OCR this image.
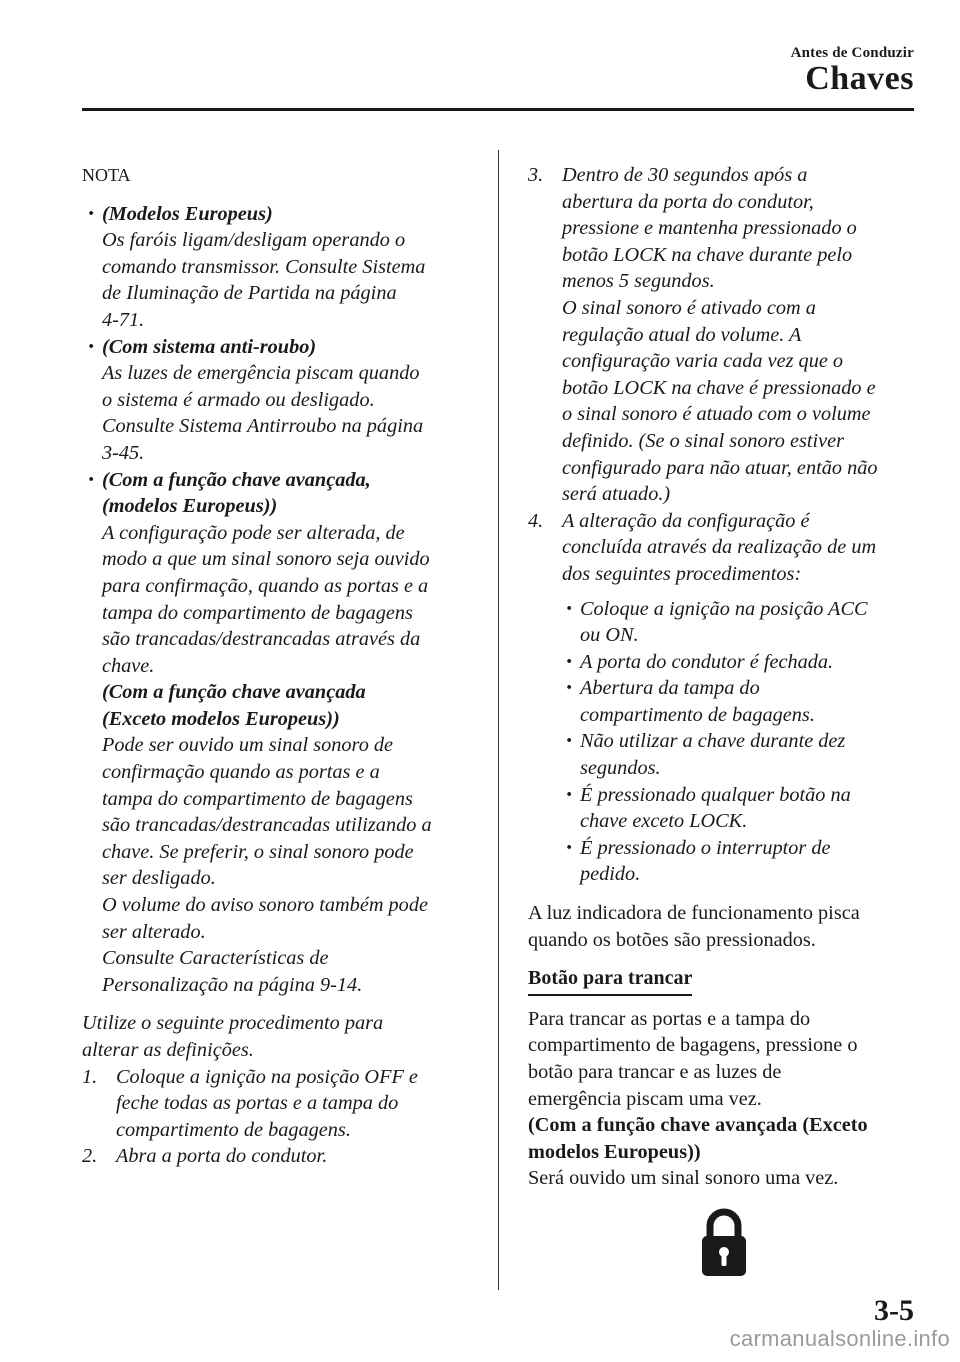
Antes de Conduzir
Chaves
NOTA
· (Modelos Europeus)
Os faróis ligam/desligam operando o
comando transmissor. Consulte Sistema
de Iluminação de Partida na página
4-71.
· (Com sistema anti-roubo)
As luzes de emergência piscam quando
o sistema é armado ou desligado.
Consulte Sistema Antirroubo na página
3-45.
· (Com a função chave avançada,
(modelos Europeus))
A configuração pode ser alterada, de
modo a que um sinal sonoro seja ouvido
para confirmação, quando as portas e a
tampa do compartimento de bagagens
são trancadas/destrancadas através da
chave.
(Com a função chave avançada
(Exceto modelos Europeus))
Pode ser ouvido um sinal sonoro de
confirmação quando as portas e a
tampa do compartimento de bagagens
são trancadas/destrancadas utilizando a
chave. Se preferir, o sinal sonoro pode
ser desligado.
O volume do aviso sonoro também pode
ser alterado.
Consulte Características de
Personalização na página 9-14.
Utilize o seguinte procedimento para
alterar as definições.
1. Coloque a ignição na posição OFF e
feche todas as portas e a tampa do
compartimento de bagagens.
2. Abra a porta do condutor.
3. Dentro de 30 segundos após a
abertura da porta do condutor,
pressione e mantenha pressionado o
botão LOCK na chave durante pelo
menos 5 segundos.
O sinal sonoro é ativado com a
regulação atual do volume. A
configuração varia cada vez que o
botão LOCK na chave é pressionado e
o sinal sonoro é atuado com o volume
definido. (Se o sinal sonoro estiver
configurado para não atuar, então não
será atuado.)
4. A alteração da configuração é
concluída através da realização de um
dos seguintes procedimentos:
· Coloque a ignição na posição ACC
ou ON.
· A porta do condutor é fechada.
· Abertura da tampa do
compartimento de bagagens.
· Não utilizar a chave durante dez
segundos.
· É pressionado qualquer botão na
chave exceto LOCK.
· É pressionado o interruptor de
pedido.
A luz indicadora de funcionamento pisca
quando os botões são pressionados.
Botão para trancar
Para trancar as portas e a tampa do
compartimento de bagagens, pressione o
botão para trancar e as luzes de
emergência piscam uma vez.
(Com a função chave avançada (Exceto
modelos Europeus))
Será ouvido um sinal sonoro uma vez.
3-5
carmanualsonline.info
